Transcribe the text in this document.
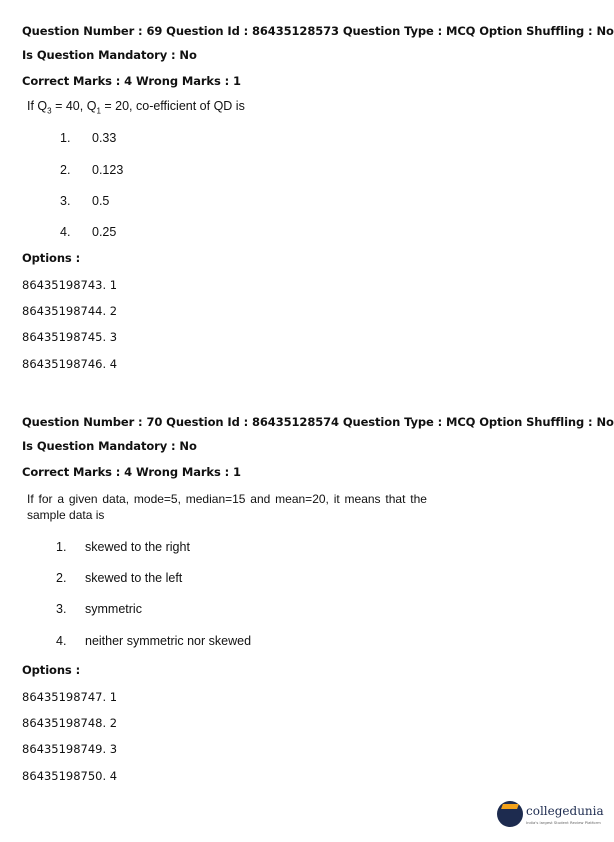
Question Number : 69 Question Id : 86435128573 Question Type : MCQ Option Shuffling : No
Is Question Mandatory : No
Correct Marks : 4 Wrong Marks : 1
If $Q_3 = 40$, $Q_1 = 20$, co-efficient of QD is
1. 0.33
2. 0.123
3. 0.5
4. 0.25
Options :
86435198743. 1
86435198744. 2
86435198745. 3
86435198746. 4
Question Number : 70 Question Id : 86435128574 Question Type : MCQ Option Shuffling : No
Is Question Mandatory : No
Correct Marks : 4 Wrong Marks : 1
If for a given data, mode=5, median=15 and mean=20, it means that the
sample data is
1. skewed to the right
2. skewed to the left
3. symmetric
4. neither symmetric nor skewed
Options :
86435198747. 1
86435198748. 2
86435198749. 3
86435198750. 4
collegedunia
India's largest Student Review Platform
